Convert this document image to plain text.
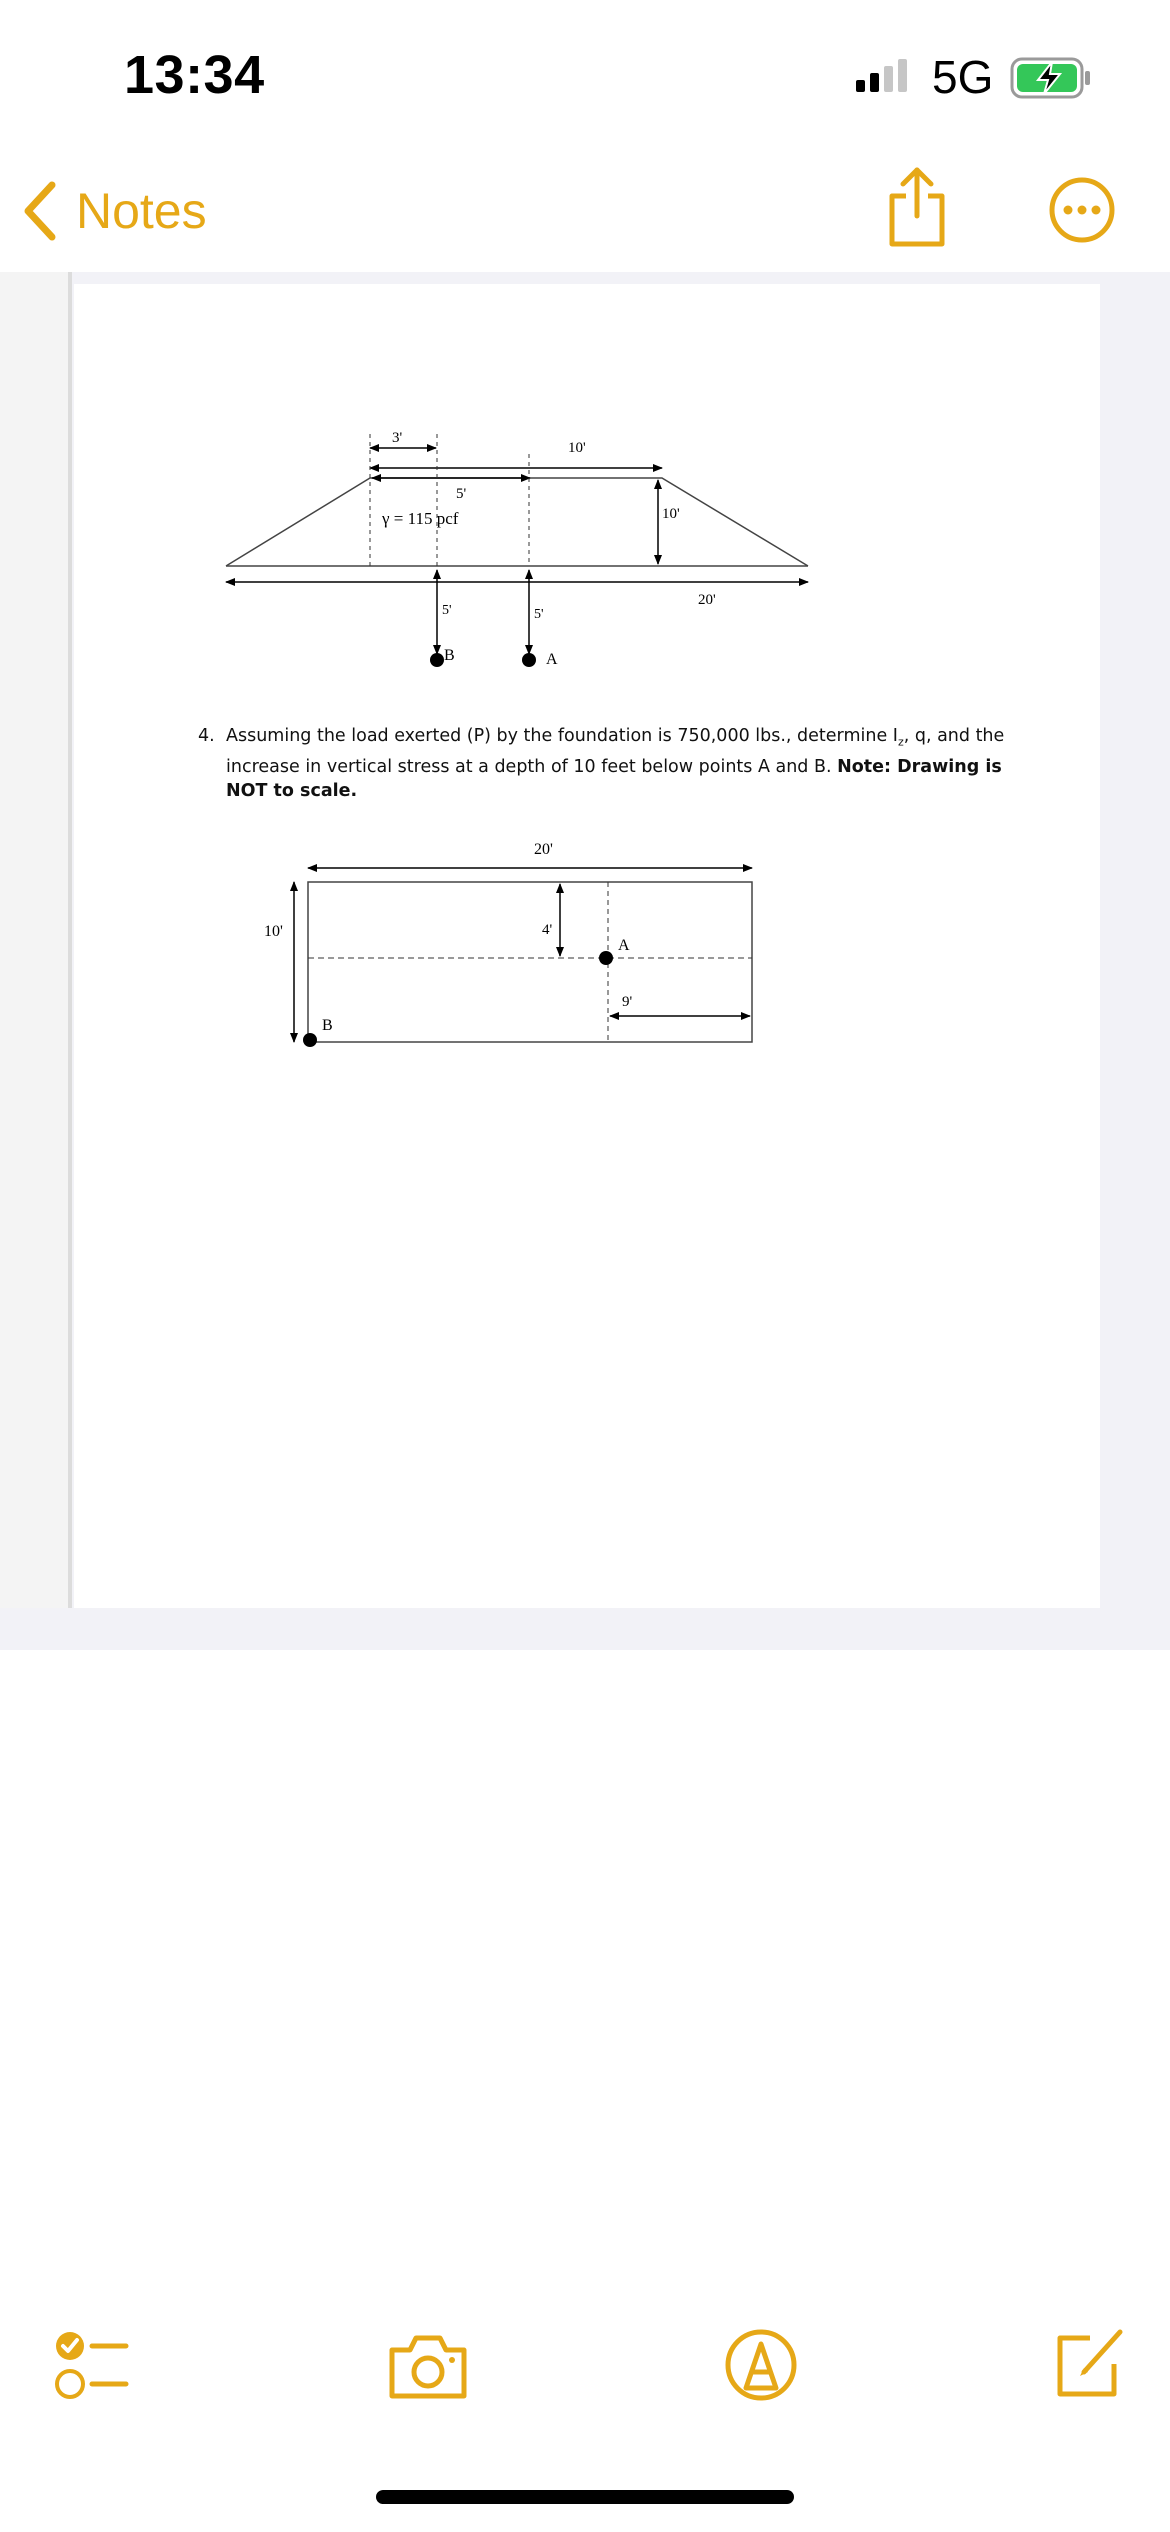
13:34	5G
Notes
3'
10'
5'
γ = 115 pcf	10'
20'
5'	5'
B	A
4. Assuming the load exerted (P) by the foundation is 750,000 lbs., determine $I_z$, q, and the increase in vertical stress at a depth of 10 feet below points A and B. Note: Drawing is NOT to scale.
20'
10'	4'
A
9'
B
